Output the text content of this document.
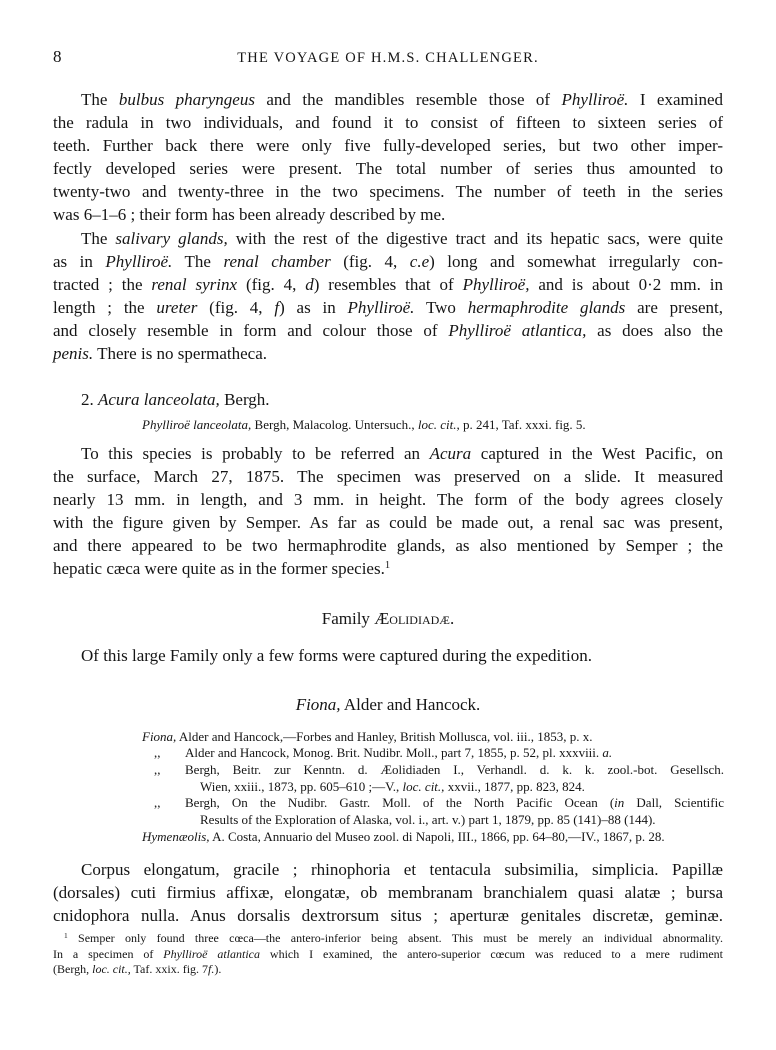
8	THE VOYAGE OF H.M.S. CHALLENGER.
The bulbus pharyngeus and the mandibles resemble those of Phylliroë. I examined
the radula in two individuals, and found it to consist of fifteen to sixteen series of
teeth. Further back there were only five fully-developed series, but two other imper-
fectly developed series were present. The total number of series thus amounted to
twenty-two and twenty-three in the two specimens. The number of teeth in the series
was 6–1–6 ; their form has been already described by me.
The salivary glands, with the rest of the digestive tract and its hepatic sacs, were quite
as in Phylliroë. The renal chamber (fig. 4, c.e) long and somewhat irregularly con-
tracted ; the renal syrinx (fig. 4, d) resembles that of Phylliroë, and is about 0·2 mm. in
length ; the ureter (fig. 4, f) as in Phylliroë. Two hermaphrodite glands are present,
and closely resemble in form and colour those of Phylliroë atlantica, as does also the
penis. There is no spermatheca.
2. Acura lanceolata, Bergh.
Phylliroë lanceolata, Bergh, Malacolog. Untersuch., loc. cit., p. 241, Taf. xxxi. fig. 5.
To this species is probably to be referred an Acura captured in the West Pacific, on
the surface, March 27, 1875. The specimen was preserved on a slide. It measured
nearly 13 mm. in length, and 3 mm. in height. The form of the body agrees closely
with the figure given by Semper. As far as could be made out, a renal sac was present,
and there appeared to be two hermaphrodite glands, as also mentioned by Semper ; the
hepatic cæca were quite as in the former species.$^1$
Family Æolidiadæ.
Of this large Family only a few forms were captured during the expedition.
Fiona, Alder and Hancock.
Fiona, Alder and Hancock,—Forbes and Hanley, British Mollusca, vol. iii., 1853, p. x.
,, Alder and Hancock, Monog. Brit. Nudibr. Moll., part 7, 1855, p. 52, pl. xxxviii. a.
,, Bergh, Beitr. zur Kenntn. d. Æolidiaden I., Verhandl. d. k. k. zool.-bot. Gesellsch.
Wien, xxiii., 1873, pp. 605–610 ;—V., loc. cit., xxvii., 1877, pp. 823, 824.
,, Bergh, On the Nudibr. Gastr. Moll. of the North Pacific Ocean (in Dall, Scientific
Results of the Exploration of Alaska, vol. i., art. v.) part 1, 1879, pp. 85 (141)–88 (144).
Hymenæolis, A. Costa, Annuario del Museo zool. di Napoli, III., 1866, pp. 64–80,—IV., 1867, p. 28.
Corpus elongatum, gracile ; rhinophoria et tentacula subsimilia, simplicia. Papillæ
(dorsales) cuti firmius affixæ, elongatæ, ob membranam branchialem quasi alatæ ; bursa
cnidophora nulla. Anus dorsalis dextrorsum situs ; aperturæ genitales discretæ, geminæ.
$^1$ Semper only found three cœca—the antero-inferior being absent. This must be merely an individual abnormality.
In a specimen of Phylliroë atlantica which I examined, the antero-superior cœcum was reduced to a mere rudiment
(Bergh, loc. cit., Taf. xxix. fig. 7f.).
